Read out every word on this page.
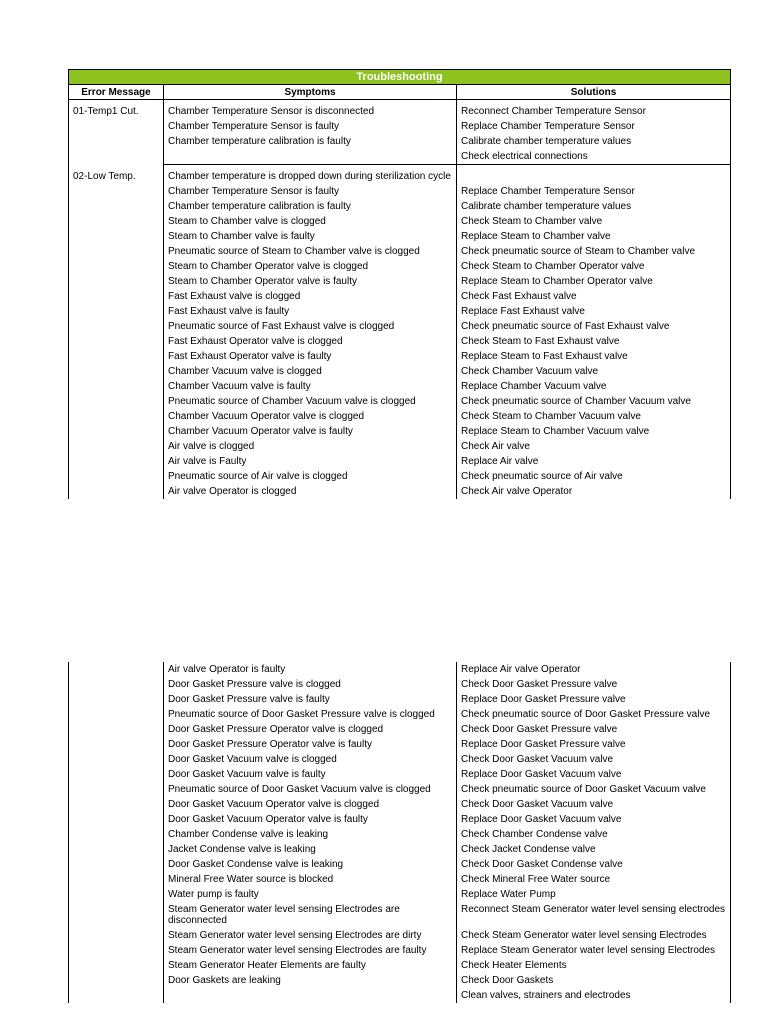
Troubleshooting		
Error Message	Symptoms	Solutions
01-Temp1 Cut.	Chamber Temperature Sensor is disconnected	Reconnect Chamber Temperature Sensor
	Chamber Temperature Sensor is faulty	Replace Chamber Temperature Sensor
	Chamber temperature calibration is faulty	Calibrate chamber temperature values
		Check electrical connections
02-Low Temp.	Chamber temperature is dropped down during sterilization cycle	
	Chamber Temperature Sensor is faulty	Replace Chamber Temperature Sensor
	Chamber temperature calibration is faulty	Calibrate chamber temperature values
	Steam to Chamber valve is clogged	Check Steam to Chamber valve
	Steam to Chamber valve is faulty	Replace Steam to Chamber valve
	Pneumatic source of Steam to Chamber valve is clogged	Check pneumatic source of Steam to Chamber valve
	Steam to Chamber Operator valve is clogged	Check Steam to Chamber Operator valve
	Steam to Chamber Operator valve is faulty	Replace Steam to Chamber Operator valve
	Fast Exhaust valve is clogged	Check Fast Exhaust valve
	Fast Exhaust valve is faulty	Replace Fast Exhaust valve
	Pneumatic source of Fast Exhaust valve is clogged	Check pneumatic source of Fast Exhaust valve
	Fast Exhaust Operator valve is clogged	Check Steam to Fast Exhaust valve
	Fast Exhaust Operator valve is faulty	Replace Steam to Fast Exhaust valve
	Chamber Vacuum valve is clogged	Check Chamber Vacuum valve
	Chamber Vacuum valve is faulty	Replace Chamber Vacuum valve
	Pneumatic source of Chamber Vacuum valve is clogged	Check pneumatic source of Chamber Vacuum valve
	Chamber Vacuum Operator valve is clogged	Check Steam to Chamber Vacuum valve
	Chamber Vacuum Operator valve is faulty	Replace Steam to Chamber Vacuum valve
	Air valve is clogged	Check Air valve
	Air valve is Faulty	Replace Air valve
	Pneumatic source of Air valve is clogged	Check pneumatic source of Air valve
	Air valve Operator is clogged	Check Air valve Operator
	Air valve Operator is faulty	Replace Air valve Operator
	Door Gasket Pressure valve is clogged	Check Door Gasket Pressure valve
	Door Gasket Pressure valve is faulty	Replace Door Gasket Pressure valve
	Pneumatic source of Door Gasket Pressure valve is clogged	Check pneumatic source of Door Gasket Pressure valve
	Door Gasket Pressure Operator valve is clogged	Check Door Gasket Pressure valve
	Door Gasket Pressure Operator valve is faulty	Replace Door Gasket Pressure valve
	Door Gasket Vacuum valve is clogged	Check Door Gasket Vacuum valve
	Door Gasket Vacuum valve is faulty	Replace Door Gasket Vacuum valve
	Pneumatic source of Door Gasket Vacuum valve is clogged	Check pneumatic source of Door Gasket Vacuum valve
	Door Gasket Vacuum Operator valve is clogged	Check Door Gasket Vacuum valve
	Door Gasket Vacuum Operator valve is faulty	Replace Door Gasket Vacuum valve
	Chamber Condense valve is leaking	Check Chamber Condense valve
	Jacket Condense valve is leaking	Check Jacket Condense valve
	Door Gasket Condense valve is leaking	Check Door Gasket Condense valve
	Mineral Free Water source is blocked	Check Mineral Free Water source
	Water pump is faulty	Replace Water Pump
	Steam Generator water level sensing Electrodes are disconnected	Reconnect Steam Generator water level sensing electrodes
	Steam Generator water level sensing Electrodes are dirty	Check Steam Generator water level sensing Electrodes
	Steam Generator water level sensing Electrodes are faulty	Replace Steam Generator water level sensing Electrodes
	Steam Generator Heater Elements are faulty	Check Heater Elements
	Door Gaskets are leaking	Check Door Gaskets
		Clean valves, strainers and electrodes
